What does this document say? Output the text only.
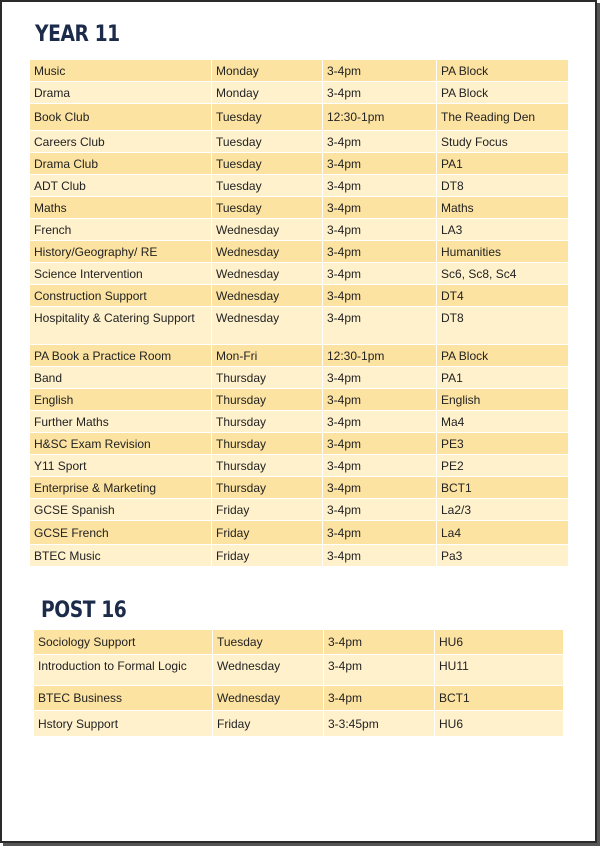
YEAR 11
Music	Monday	3-4pm	PA Block
Drama	Monday	3-4pm	PA Block
Book Club	Tuesday	12:30-1pm	The Reading Den
Careers Club	Tuesday	3-4pm	Study Focus
Drama Club	Tuesday	3-4pm	PA1
ADT Club	Tuesday	3-4pm	DT8
Maths	Tuesday	3-4pm	Maths
French	Wednesday	3-4pm	LA3
History/Geography/ RE	Wednesday	3-4pm	Humanities
Science Intervention	Wednesday	3-4pm	Sc6, Sc8, Sc4
Construction Support	Wednesday	3-4pm	DT4
Hospitality & Catering Support	Wednesday	3-4pm	DT8
PA Book a Practice Room	Mon-Fri	12:30-1pm	PA Block
Band	Thursday	3-4pm	PA1
English	Thursday	3-4pm	English
Further Maths	Thursday	3-4pm	Ma4
H&SC Exam Revision	Thursday	3-4pm	PE3
Y11 Sport	Thursday	3-4pm	PE2
Enterprise & Marketing	Thursday	3-4pm	BCT1
GCSE Spanish	Friday	3-4pm	La2/3
GCSE French	Friday	3-4pm	La4
BTEC Music	Friday	3-4pm	Pa3
POST 16
Sociology Support	Tuesday	3-4pm	HU6
Introduction to Formal Logic	Wednesday	3-4pm	HU11
BTEC Business	Wednesday	3-4pm	BCT1
Hstory Support	Friday	3-3:45pm	HU6
